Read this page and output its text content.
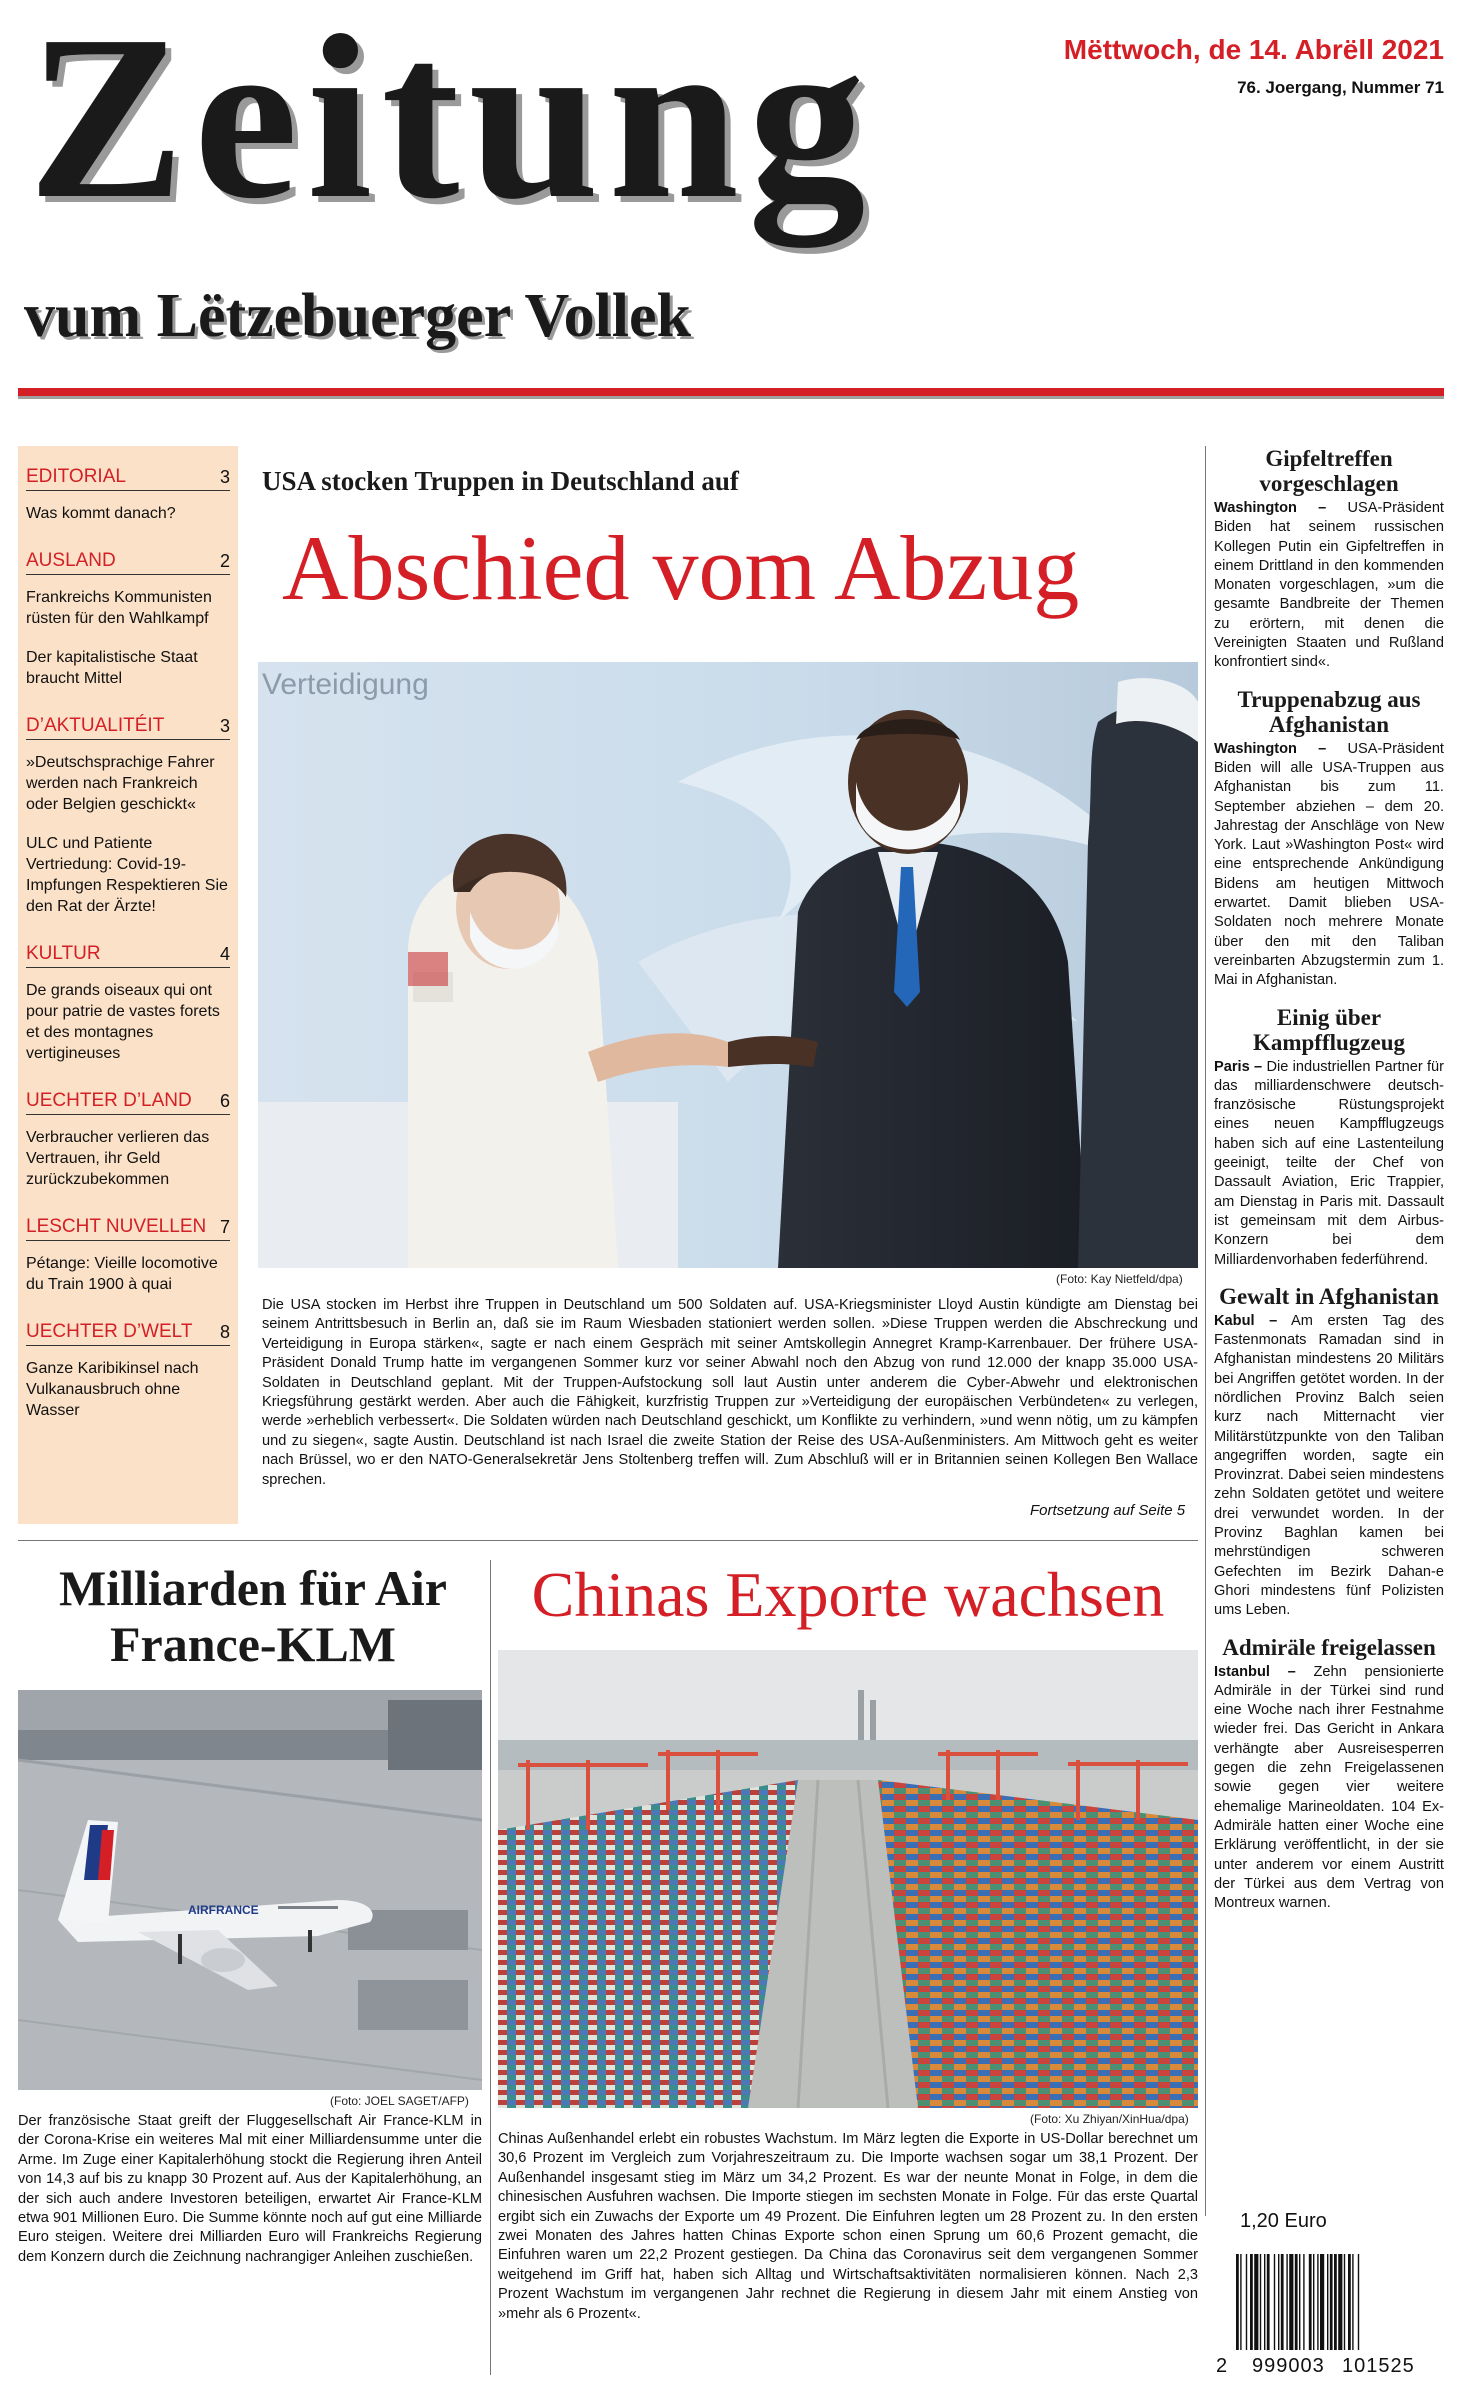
Zeitung
vum Lëtzebuerger Vollek
Mëttwoch, de 14. Abrëll 2021
76. Joergang, Nummer 71
EDITORIAL	3
Was kommt danach?
AUSLAND	2
Frankreichs Kommunisten rüsten für den Wahlkampf
Der kapitalistische Staat braucht Mittel
D’AKTUALITÉIT	3
»Deutschsprachige Fahrer werden nach Frankreich oder Belgien geschickt«
ULC und Patiente Vertriedung: Covid-19-Impfungen Respektieren Sie den Rat der Ärzte!
KULTUR	4
De grands oiseaux qui ont pour patrie de vastes forets et des montagnes vertigineuses
UECHTER D’LAND 6
Verbraucher verlieren das Vertrauen, ihr Geld zurückzubekommen
LESCHT NUVELLEN 7
Pétange: Vieille locomotive du Train 1900 à quai
UECHTER D’WELT 8
Ganze Karibikinsel nach Vulkanausbruch ohne Wasser
USA stocken Truppen in Deutschland auf
Abschied vom Abzug
Verteidigung
(Foto: Kay Nietfeld/dpa)
Die USA stocken im Herbst ihre Truppen in Deutschland um 500 Soldaten auf. USA-Kriegsminister Lloyd Austin kündigte am Dienstag bei seinem Antrittsbesuch in Berlin an, daß sie im Raum Wiesbaden stationiert werden sollen. »Diese Truppen werden die Abschreckung und Verteidigung in Europa stärken«, sagte er nach einem Gespräch mit seiner Amtskollegin Annegret Kramp-Karrenbauer. Der frühere USA-Präsident Donald Trump hatte im vergangenen Sommer kurz vor seiner Abwahl noch den Abzug von rund 12.000 der knapp 35.000 USA-Soldaten in Deutschland geplant. Mit der Truppen-Aufstockung soll laut Austin unter anderem die Cyber-Abwehr und elektronischen Kriegsführung gestärkt werden. Aber auch die Fähigkeit, kurzfristig Truppen zur »Verteidigung der europäischen Verbündeten« zu verlegen, werde »erheblich verbessert«. Die Soldaten würden nach Deutschland geschickt, um Konflikte zu verhindern, »und wenn nötig, um zu kämpfen und zu siegen«, sagte Austin. Deutschland ist nach Israel die zweite Station der Reise des USA-Außenministers. Am Mittwoch geht es weiter nach Brüssel, wo er den NATO-Generalsekretär Jens Stoltenberg treffen will. Zum Abschluß will er in Britannien seinen Kollegen Ben Wallace sprechen.
Fortsetzung auf Seite 5
Gipfeltreffen vorgeschlagen
Washington – USA-Präsident Biden hat seinem russischen Kollegen Putin ein Gipfeltreffen in einem Drittland in den kommenden Monaten vorgeschlagen, »um die gesamte Bandbreite der Themen zu erörtern, mit denen die Vereinigten Staaten und Rußland konfrontiert sind«.
Truppenabzug aus Afghanistan
Washington – USA-Präsident Biden will alle USA-Truppen aus Afghanistan bis zum 11. September abziehen – dem 20. Jahrestag der Anschläge von New York. Laut »Washington Post« wird eine entsprechende Ankündigung Bidens am heutigen Mittwoch erwartet. Damit blieben USA-Soldaten noch mehrere Monate über den mit den Taliban vereinbarten Abzugstermin zum 1. Mai in Afghanistan.
Einig über Kampfflugzeug
Paris – Die industriellen Partner für das milliardenschwere deutsch-französische Rüstungsprojekt eines neuen Kampfflugzeugs haben sich auf eine Lastenteilung geeinigt, teilte der Chef von Dassault Aviation, Eric Trappier, am Dienstag in Paris mit. Dassault ist gemeinsam mit dem Airbus-Konzern bei dem Milliardenvorhaben federführend.
Gewalt in Afghanistan
Kabul – Am ersten Tag des Fastenmonats Ramadan sind in Afghanistan mindestens 20 Militärs bei Angriffen getötet worden. In der nördlichen Provinz Balch seien kurz nach Mitternacht vier Militärstützpunkte von den Taliban angegriffen worden, sagte ein Provinzrat. Dabei seien mindestens zehn Soldaten getötet und weitere drei verwundet worden. In der Provinz Baghlan kamen bei mehrstündigen schweren Gefechten im Bezirk Dahan-e Ghori mindestens fünf Polizisten ums Leben.
Admiräle freigelassen
Istanbul – Zehn pensionierte Admiräle in der Türkei sind rund eine Woche nach ihrer Festnahme wieder frei. Das Gericht in Ankara verhängte aber Ausreisesperren gegen die zehn Freigelassenen sowie gegen vier weitere ehemalige Marineoldaten. 104 Ex-Admiräle hatten einer Woche eine Erklärung veröffentlicht, in der sie unter anderem vor einem Austritt der Türkei aus dem Vertrag von Montreux warnen.
Milliarden für Air France-KLM
AIRFRANCE
(Foto: JOEL SAGET/AFP)
Der französische Staat greift der Fluggesellschaft Air France-KLM in der Corona-Krise ein weiteres Mal mit einer Milliardensumme unter die Arme. Im Zuge einer Kapitalerhöhung stockt die Regierung ihren Anteil von 14,3 auf bis zu knapp 30 Prozent auf. Aus der Kapitalerhöhung, an der sich auch andere Investoren beteiligen, erwartet Air France-KLM etwa 901 Millionen Euro. Die Summe könnte noch auf gut eine Milliarde Euro steigen. Weitere drei Milliarden Euro will Frankreichs Regierung dem Konzern durch die Zeichnung nachrangiger Anleihen zuschießen.
Chinas Exporte wachsen
(Foto: Xu Zhiyan/XinHua/dpa)
Chinas Außenhandel erlebt ein robustes Wachstum. Im März legten die Exporte in US-Dollar berechnet um 30,6 Prozent im Vergleich zum Vorjahreszeitraum zu. Die Importe wachsen sogar um 38,1 Prozent. Der Außenhandel insgesamt stieg im März um 34,2 Prozent. Es war der neunte Monat in Folge, in dem die chinesischen Ausfuhren wachsen. Die Importe stiegen im sechsten Monate in Folge. Für das erste Quartal ergibt sich ein Zuwachs der Exporte um 49 Prozent. Die Einfuhren legten um 28 Prozent zu. In den ersten zwei Monaten des Jahres hatten Chinas Exporte schon einen Sprung um 60,6 Prozent gemacht, die Einfuhren waren um 22,2 Prozent gestiegen. Da China das Coronavirus seit dem vergangenen Sommer weitgehend im Griff hat, haben sich Alltag und Wirtschaftsaktivitäten normalisieren können. Nach 2,3 Prozent Wachstum im vergangenen Jahr rechnet die Regierung in diesem Jahr mit einem Anstieg von »mehr als 6 Prozent«.
1,20 Euro
2 999003 101525
